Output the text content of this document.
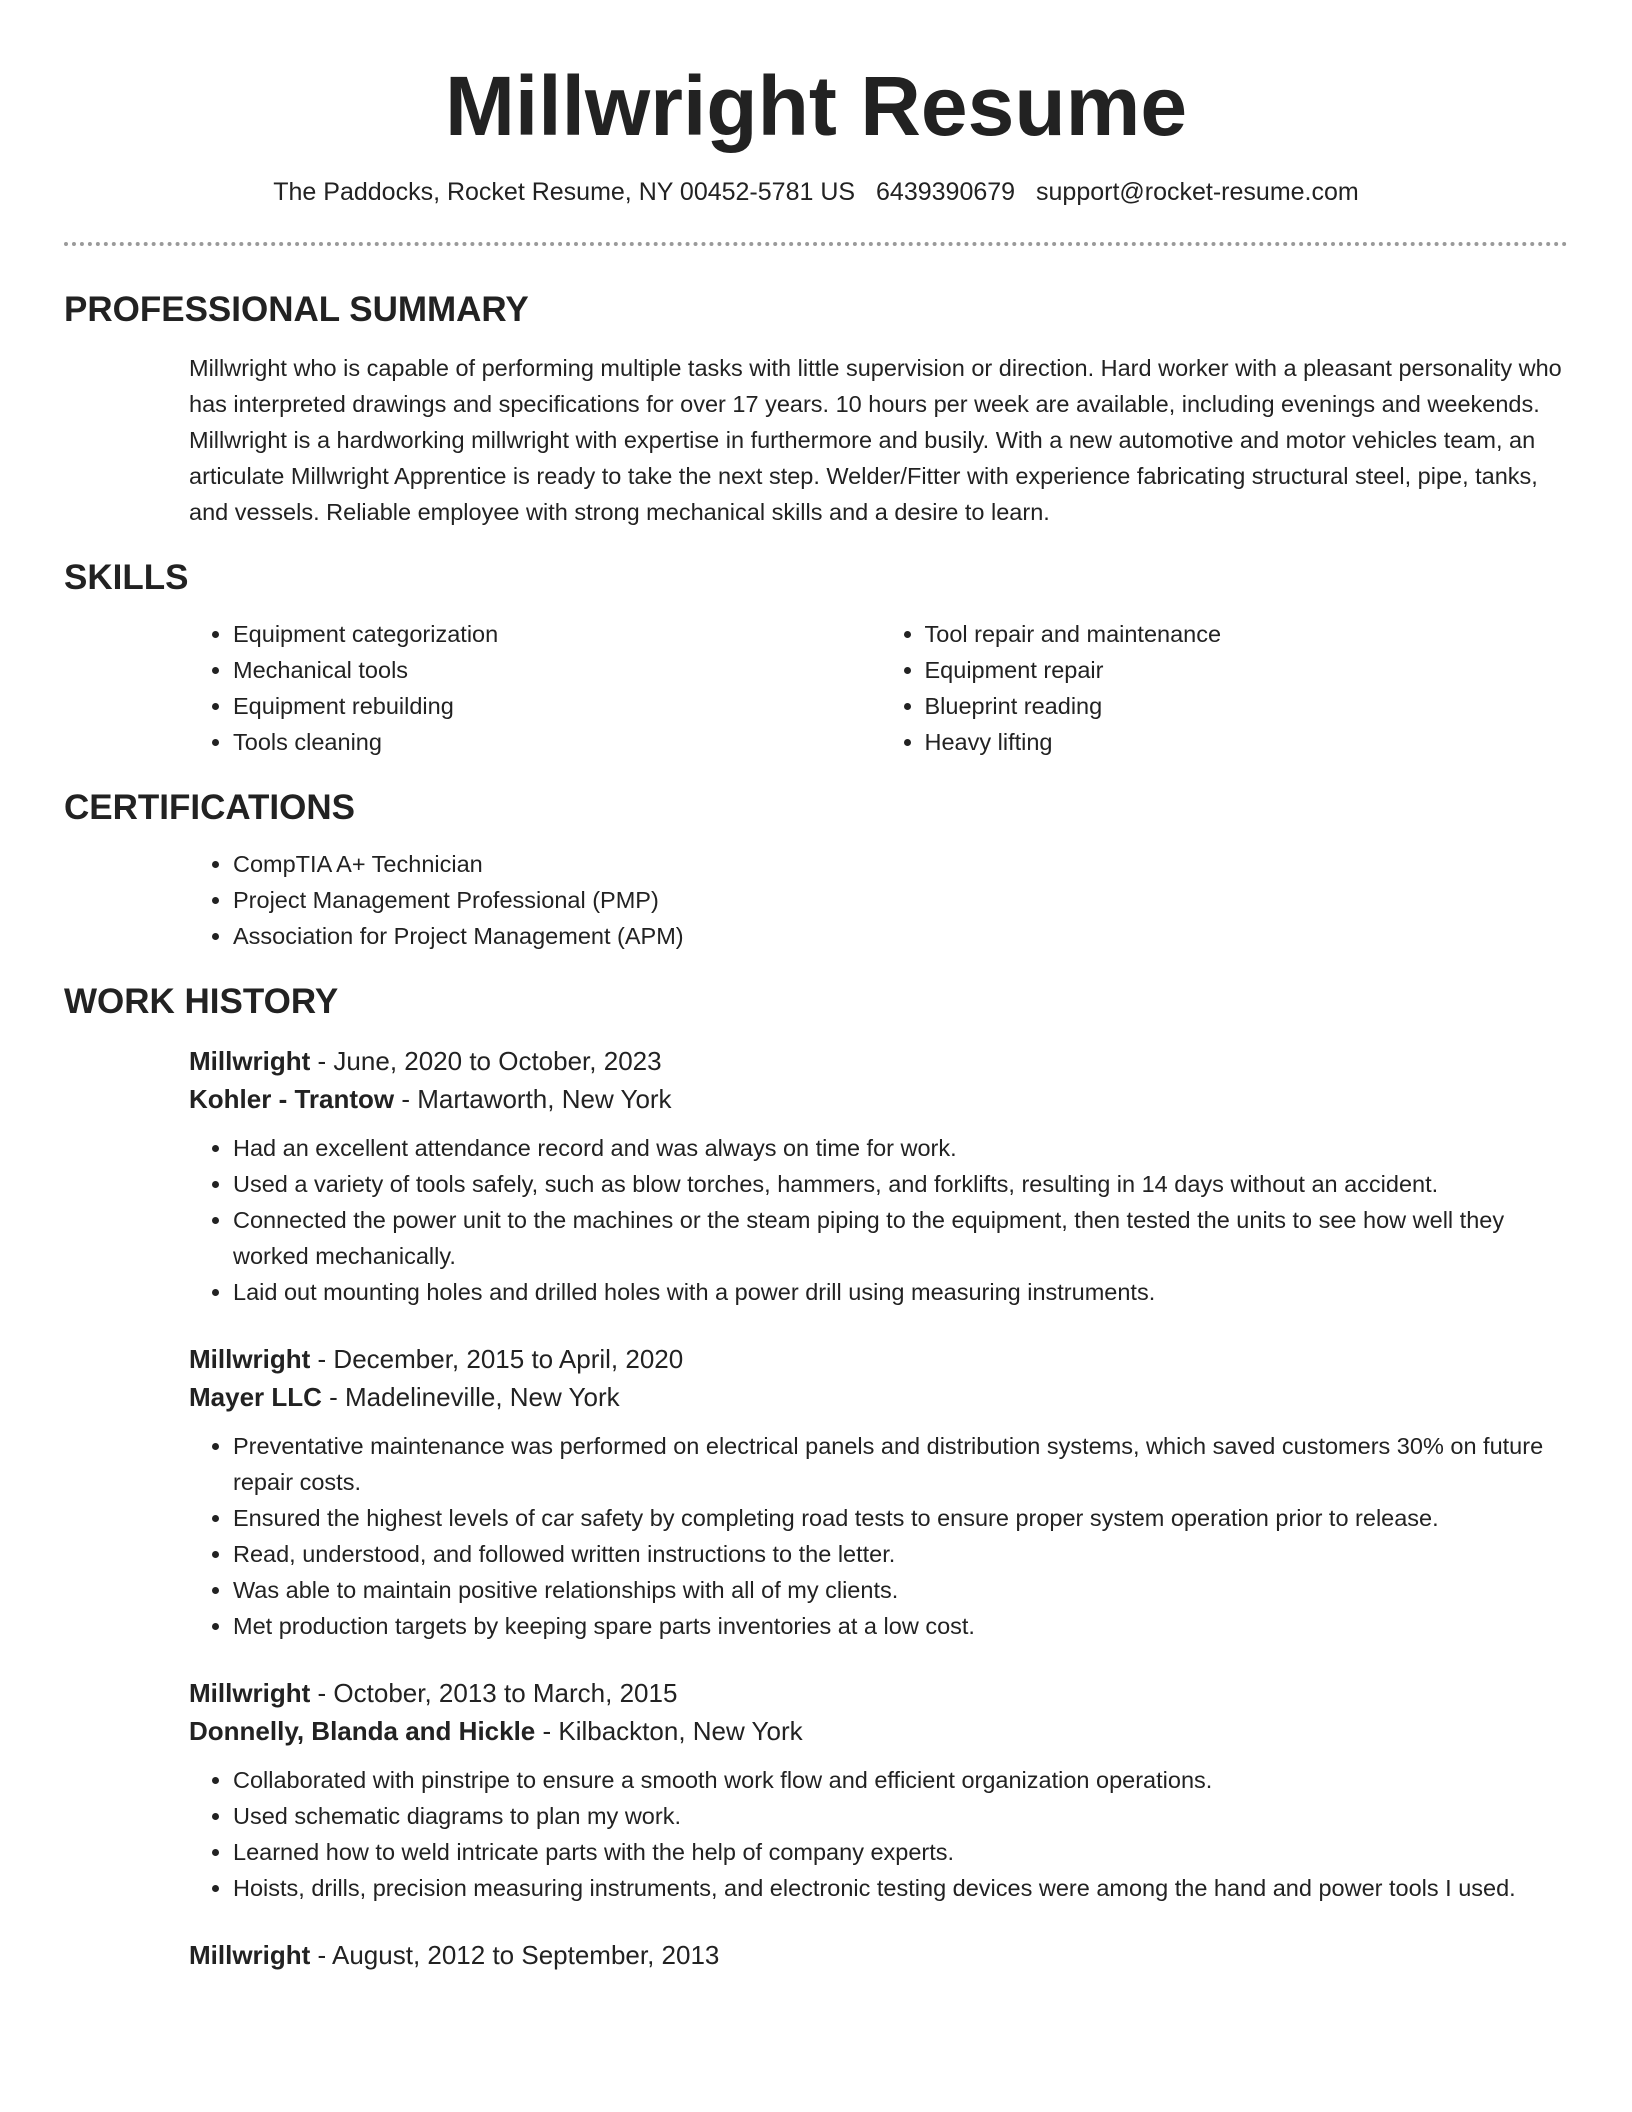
Millwright Resume
The Paddocks, Rocket Resume, NY 00452-5781 US 6439390679 support@rocket-resume.com
PROFESSIONAL SUMMARY
Millwright who is capable of performing multiple tasks with little supervision or direction. Hard worker with a pleasant personality who has interpreted drawings and specifications for over 17 years. 10 hours per week are available, including evenings and weekends. Millwright is a hardworking millwright with expertise in furthermore and busily. With a new automotive and motor vehicles team, an articulate Millwright Apprentice is ready to take the next step. Welder/Fitter with experience fabricating structural steel, pipe, tanks, and vessels. Reliable employee with strong mechanical skills and a desire to learn.
SKILLS
• Equipment categorization
• Mechanical tools
• Equipment rebuilding
• Tools cleaning
• Tool repair and maintenance
• Equipment repair
• Blueprint reading
• Heavy lifting
CERTIFICATIONS
• CompTIA A+ Technician
• Project Management Professional (PMP)
• Association for Project Management (APM)
WORK HISTORY
Millwright - June, 2020 to October, 2023
Kohler - Trantow - Martaworth, New York
• Had an excellent attendance record and was always on time for work.
• Used a variety of tools safely, such as blow torches, hammers, and forklifts, resulting in 14 days without an accident.
• Connected the power unit to the machines or the steam piping to the equipment, then tested the units to see how well they worked mechanically.
• Laid out mounting holes and drilled holes with a power drill using measuring instruments.
Millwright - December, 2015 to April, 2020
Mayer LLC - Madelineville, New York
• Preventative maintenance was performed on electrical panels and distribution systems, which saved customers 30% on future repair costs.
• Ensured the highest levels of car safety by completing road tests to ensure proper system operation prior to release.
• Read, understood, and followed written instructions to the letter.
• Was able to maintain positive relationships with all of my clients.
• Met production targets by keeping spare parts inventories at a low cost.
Millwright - October, 2013 to March, 2015
Donnelly, Blanda and Hickle - Kilbackton, New York
• Collaborated with pinstripe to ensure a smooth work flow and efficient organization operations.
• Used schematic diagrams to plan my work.
• Learned how to weld intricate parts with the help of company experts.
• Hoists, drills, precision measuring instruments, and electronic testing devices were among the hand and power tools I used.
Millwright - August, 2012 to September, 2013
